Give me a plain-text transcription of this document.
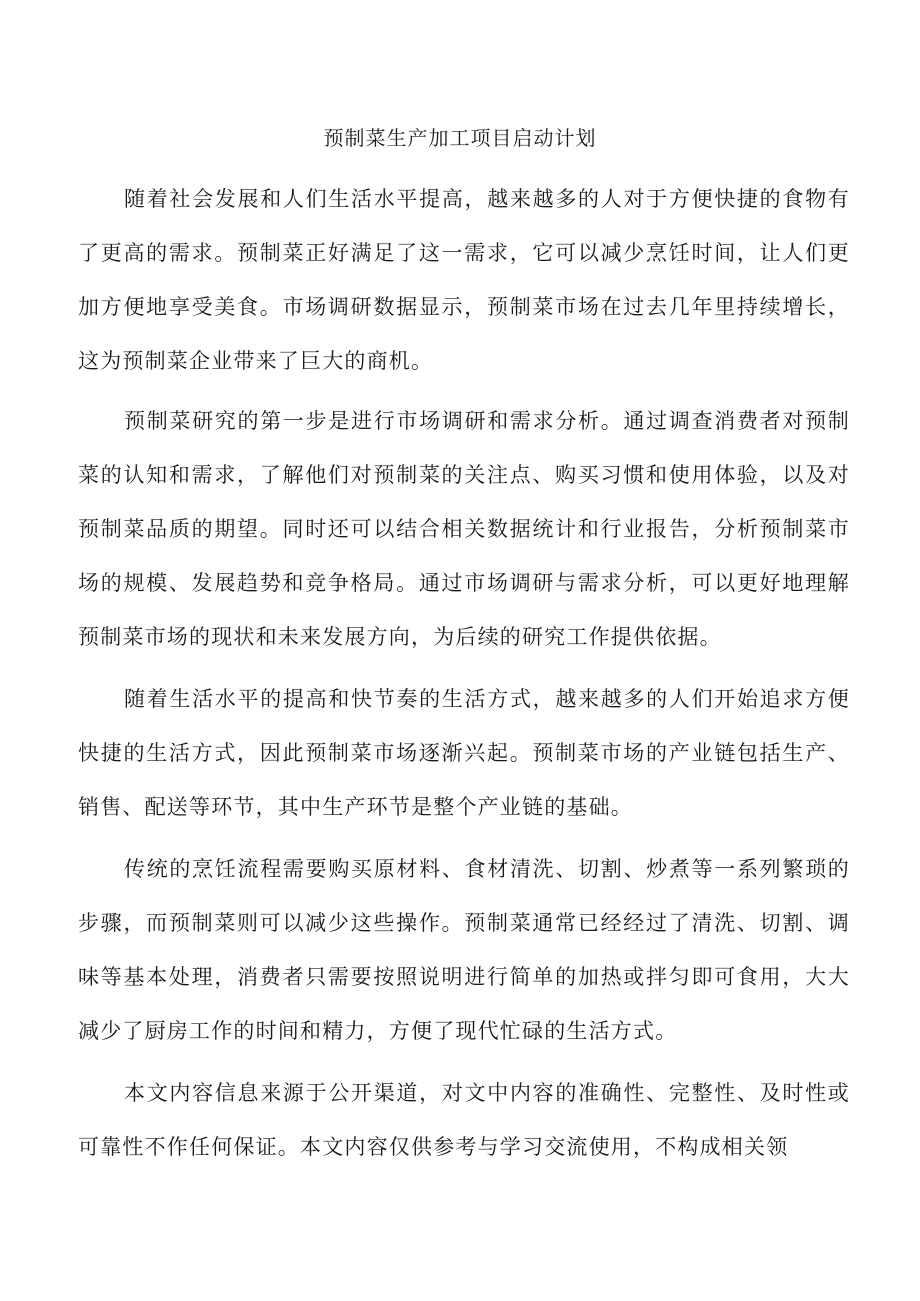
预制菜生产加工项目启动计划

随着社会发展和人们生活水平提高，越来越多的人对于方便快捷的食物有了更高的需求。预制菜正好满足了这一需求，它可以减少烹饪时间，让人们更加方便地享受美食。市场调研数据显示，预制菜市场在过去几年里持续增长，这为预制菜企业带来了巨大的商机。

预制菜研究的第一步是进行市场调研和需求分析。通过调查消费者对预制菜的认知和需求，了解他们对预制菜的关注点、购买习惯和使用体验，以及对预制菜品质的期望。同时还可以结合相关数据统计和行业报告，分析预制菜市场的规模、发展趋势和竞争格局。通过市场调研与需求分析，可以更好地理解预制菜市场的现状和未来发展方向，为后续的研究工作提供依据。

随着生活水平的提高和快节奏的生活方式，越来越多的人们开始追求方便快捷的生活方式，因此预制菜市场逐渐兴起。预制菜市场的产业链包括生产、销售、配送等环节，其中生产环节是整个产业链的基础。

传统的烹饪流程需要购买原材料、食材清洗、切割、炒煮等一系列繁琐的步骤，而预制菜则可以减少这些操作。预制菜通常已经经过了清洗、切割、调味等基本处理，消费者只需要按照说明进行简单的加热或拌匀即可食用，大大减少了厨房工作的时间和精力，方便了现代忙碌的生活方式。

本文内容信息来源于公开渠道，对文中内容的准确性、完整性、及时性或可靠性不作任何保证。本文内容仅供参考与学习交流使用，不构成相关领
